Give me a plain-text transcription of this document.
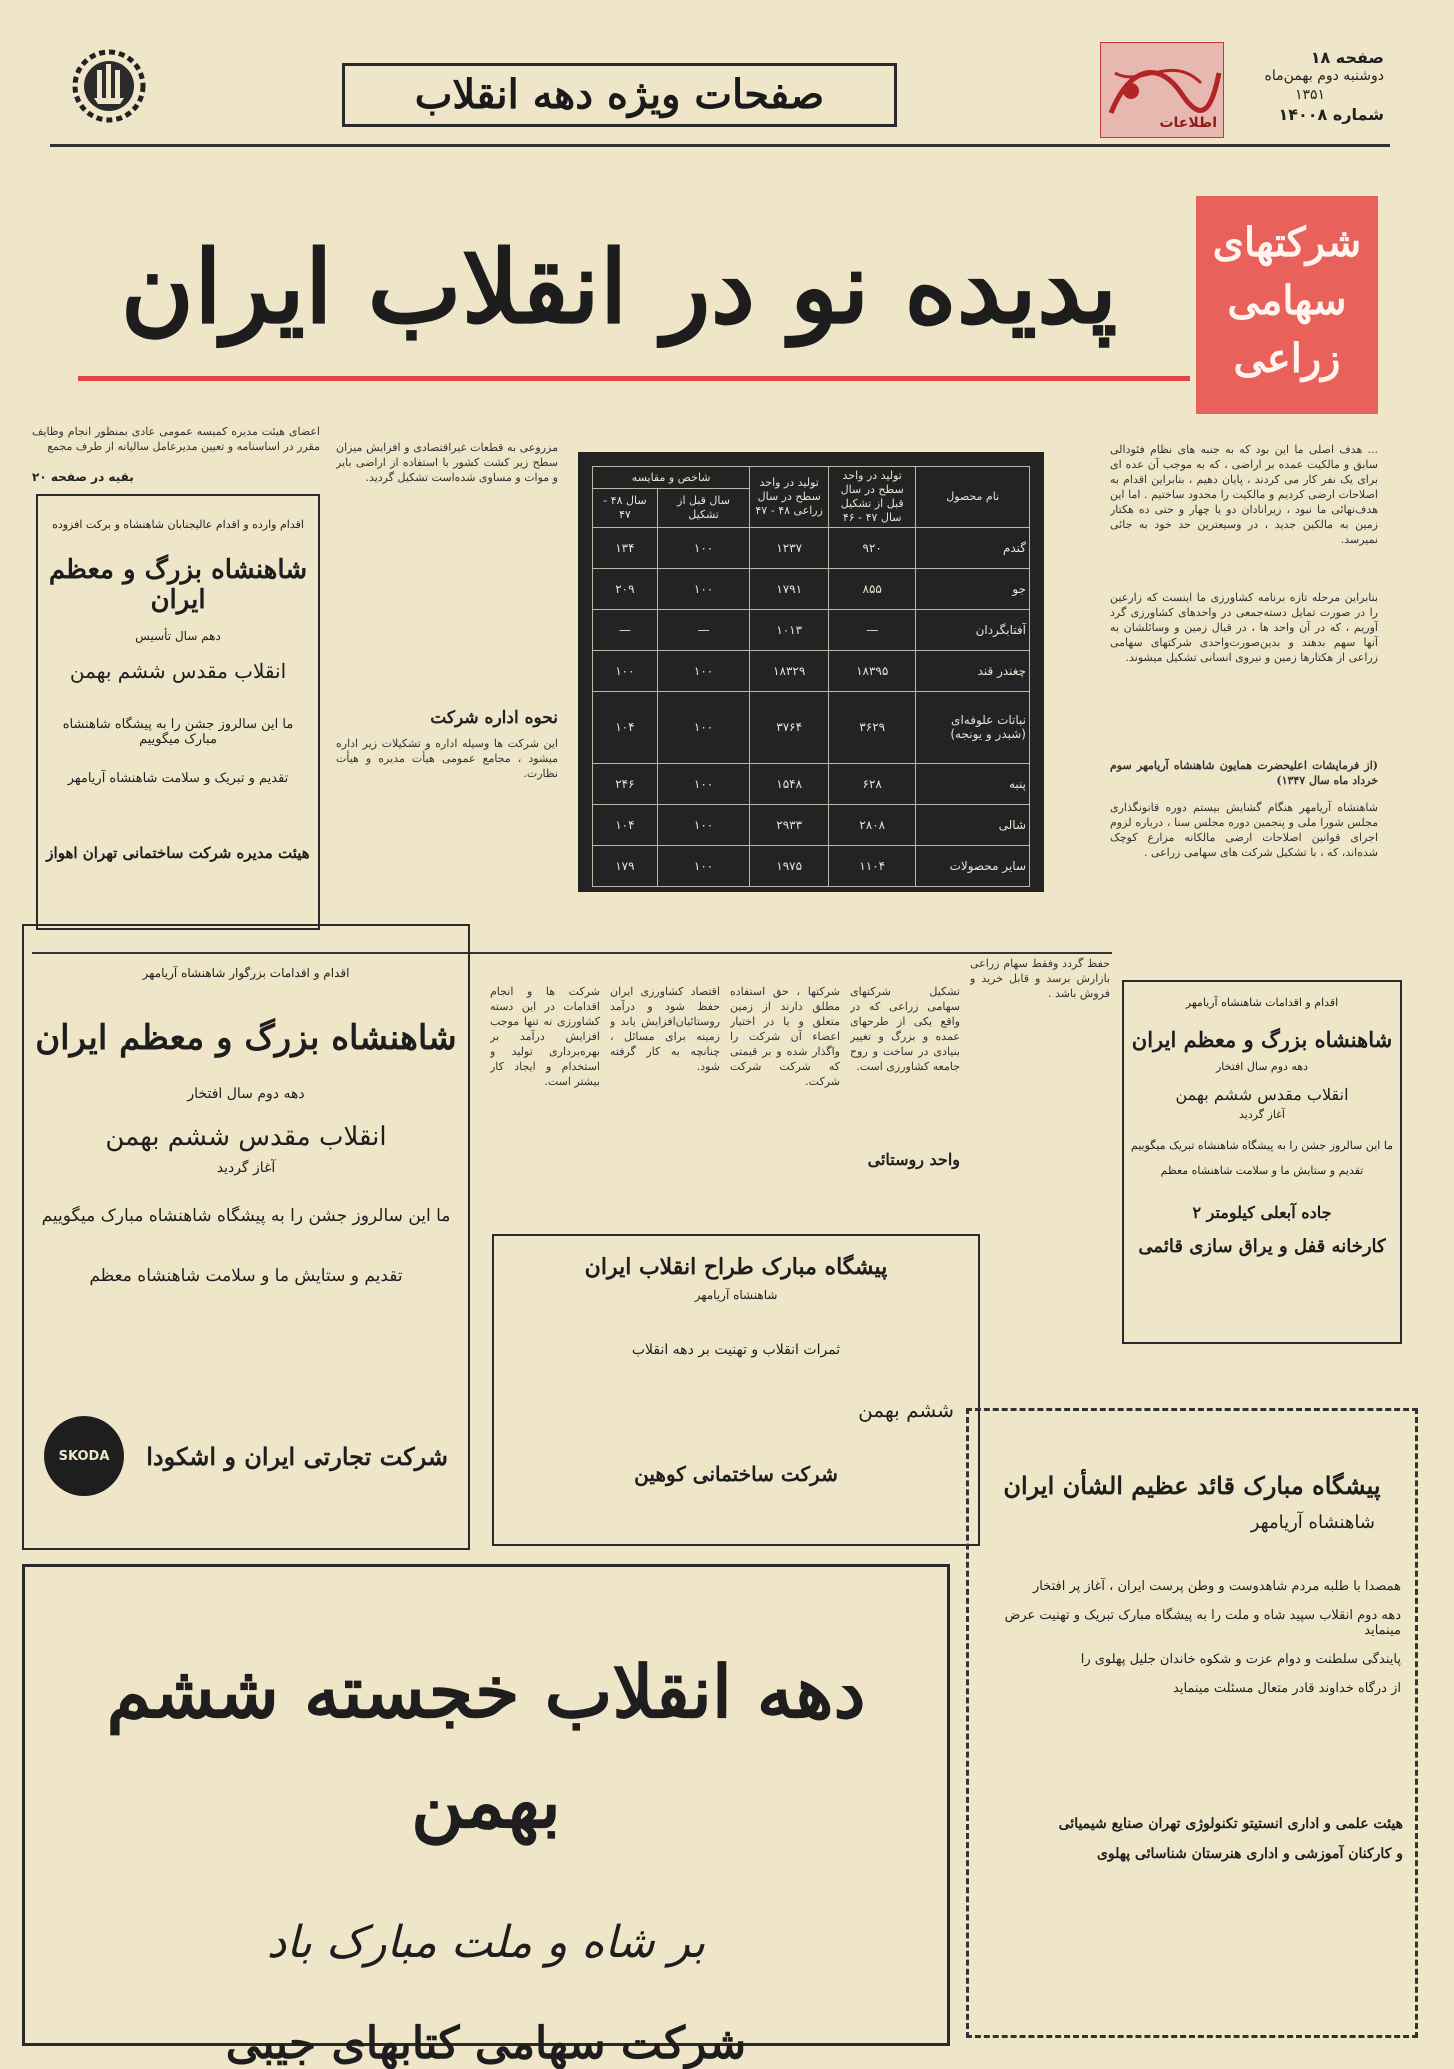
صفحات ویژه دهه انقلاب
اطلاعات
صفحه ۱۸
دوشنبه دوم بهمن‌ماه
۱۳۵۱
شماره ۱۴۰۰۸
شرکتهای سهامی زراعی
پدیده نو در انقلاب ایران
... هدف اصلی ما این بود که به جنبه های نظام فئودالی سابق و مالکیت عمده بر اراضی ، که به موجب آن عده ای برای یک نفر کار می کردند ، پایان دهیم ، بنابراین اقدام به اصلاحات ارضی کردیم و مالکیت را محدود ساختیم . اما این هدف‌نهائی ما نبود ، زیرا‌نادان دو یا چهار و حتی ده هکتار زمین به مالکین جدید ، در وسیعترین حد خود به جائی نمیرسد.
بنابراین مرحله تازه برنامه کشاورزی ما اینست که زارعین را در صورت تمایل دسته‌جمعی در واحدهای کشاورزی گرد آوریم ، که در آن واحد ها ، در قبال زمین و وسائلشان به آنها سهم بدهند و بدین‌صورت‌واحدی شرکتهای سهامی زراعی از هکتارها زمین و نیروی انسانی تشکیل میشوند.
(از فرمایشات اعلیحضرت همایون شاهنشاه آریامهر سوم خرداد ماه سال ۱۳۴۷)
شاهنشاه آریامهر هنگام گشایش بیستم دوره قانونگذاری مجلس شورا ملی و پنجمین دوره مجلس سنا ، درباره لزوم اجرای قوانین اصلاحات ارضی مالکانه مزارع کوچک شده‌اند، که ، با تشکیل شرکت های سهامی زراعی .
نام محصول	تولید در واحد سطح در سال قبل از تشکیل سال ۴۷ - ۴۶	تولید در واحد سطح در سال زراعی ۴۸ - ۴۷	شاخص و مقایسه	
			سال قبل از تشکیل	سال ۴۸ - ۴۷
گندم	۹۲۰	۱۲۳۷	۱۰۰	۱۳۴
جو	۸۵۵	۱۷۹۱	۱۰۰	۲۰۹
آفتابگردان	—	۱۰۱۳	—	—
چغندر قند	۱۸۳۹۵	۱۸۳۲۹	۱۰۰	۱۰۰
نباتات علوفه‌ای (شبدر و یونجه)	۳۶۲۹	۳۷۶۴	۱۰۰	۱۰۴
پنبه	۶۲۸	۱۵۴۸	۱۰۰	۲۴۶
شالی	۲۸۰۸	۲۹۳۳	۱۰۰	۱۰۴
سایر محصولات	۱۱۰۴	۱۹۷۵	۱۰۰	۱۷۹
مزروعی به قطعات غیراقتصادی و افزایش میزان سطح زیر کشت کشور با استفاده از اراضی بایر و موات و مساوی شده‌است تشکیل گردید.
نحوه اداره شرکت
این شرکت ها وسیله اداره و تشکیلات زیر اداره میشود ، مجامع عمومی هیأت مدیره و هیأت نظارت.
اعضای هیئت مدیره کمیسه عمومی عادی بمنظور انجام وظایف مقرر در اساسنامه و تعیین مدیرعامل سالیانه از طرف مجمع
بقیه در صفحه ۲۰
اقدام وارده و اقدام عالیجنابان شاهنشاه و برکت افزوده
شاهنشاه بزرگ و معظم ایران
دهم سال تأسیس
انقلاب مقدس ششم بهمن
ما این سالروز جشن را به پیشگاه شاهنشاه مبارک میگوییم
تقدیم و تبریک و سلامت شاهنشاه آریامهر
هیئت مدیره شرکت ساختمانی تهران اهواز
اقدام و اقدامات بزرگوار شاهنشاه آریامهر
شاهنشاه بزرگ و معظم ایران
دهه دوم سال افتخار
انقلاب مقدس ششم بهمن
آغاز گردید
ما این سالروز جشن را به پیشگاه شاهنشاه مبارک میگوییم
تقدیم و ستایش ما و سلامت شاهنشاه معظم
شرکت تجارتی ایران و اشکودا
SKODA
شرکت ها و انجام اقدامات در این دسته کشاورزی نه تنها موجب افزایش درآمد بر بهره‌برداری تولید و استخدام و ایجاد کار بیشتر است.
اقتصاد کشاورزی ایران حفظ شود و درآمد روستائیان‌افزایش یابد و زمینه برای مسائل ، چنانچه به کار گرفته شود.
شرکتها ، حق استفاده مطلق دارند از زمین متعلق و یا در اختیار اعضاء آن شرکت را واگذار شده و بر قیمتی که شرکت شرکت شرکت.
تشکیل شرکتهای سهامی زراعی که در واقع یکی از طرحهای عمده و بزرگ و تغییر بنیادی در ساخت و روح جامعه کشاورزی است.
واحد روستائی
حفظ گردد وفقط سهام زراعی بازارش برسد و قابل خرید و فروش باشد .
پیشگاه مبارک طراح انقلاب ایران
شاهنشاه آریامهر
ثمرات انقلاب و تهنیت بر دهه انقلاب
ششم بهمن
شرکت ساختمانی کوهین
اقدام و اقدامات شاهنشاه آریامهر
شاهنشاه بزرگ و معظم ایران
دهه دوم سال افتخار
انقلاب مقدس ششم بهمن
آغاز گردید
ما این سالروز جشن را به پیشگاه شاهنشاه تبریک میگوییم
تقدیم و ستایش ما و سلامت شاهنشاه معظم
جاده آبعلی کیلومتر ۲
کارخانه قفل و یراق سازی قائمی
پیشگاه مبارک قائد عظیم الشأن ایران
شاهنشاه آریامهر
همصدا با طلبه مردم شاهدوست و وطن پرست ایران ، آغاز پر افتخار
دهه دوم انقلاب سپید شاه و ملت را به پیشگاه مبارک تبریک و تهنیت عرض مینماید
پایندگی سلطنت و دوام عزت و شکوه خاندان جلیل پهلوی را
از درگاه خداوند قادر متعال مسئلت مینماید
هیئت علمی و اداری انستیتو تکنولوژی تهران صنایع شیمیائی
و کارکنان آموزشی و اداری هنرستان شناسائی پهلوی
دهه انقلاب خجسته ششم بهمن
بر شاه و ملت مبارک باد
شرکت سهامی کتابهای جیبی
